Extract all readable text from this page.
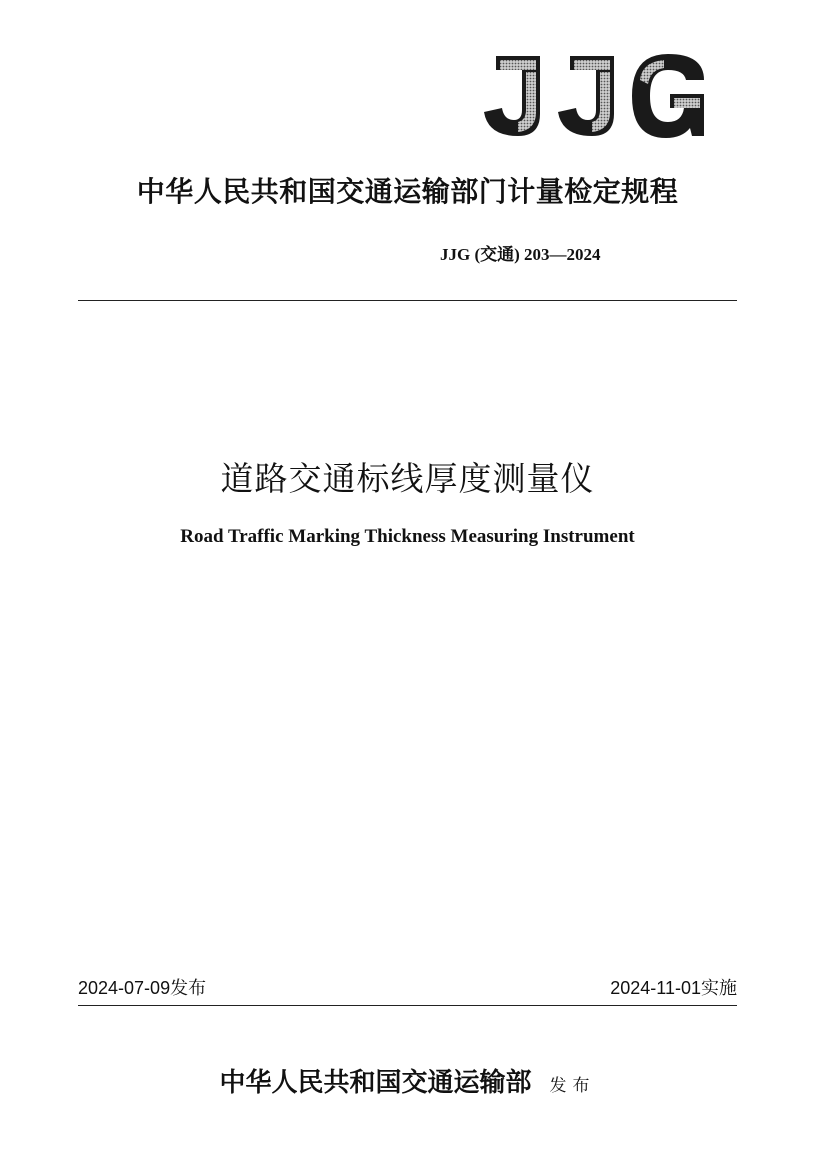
中华人民共和国交通运输部门计量检定规程
JJG (交通) 203—2024
道路交通标线厚度测量仪
Road Traffic Marking Thickness Measuring Instrument
2024-07-09发布	2024-11-01实施
中华人民共和国交通运输部 发布
